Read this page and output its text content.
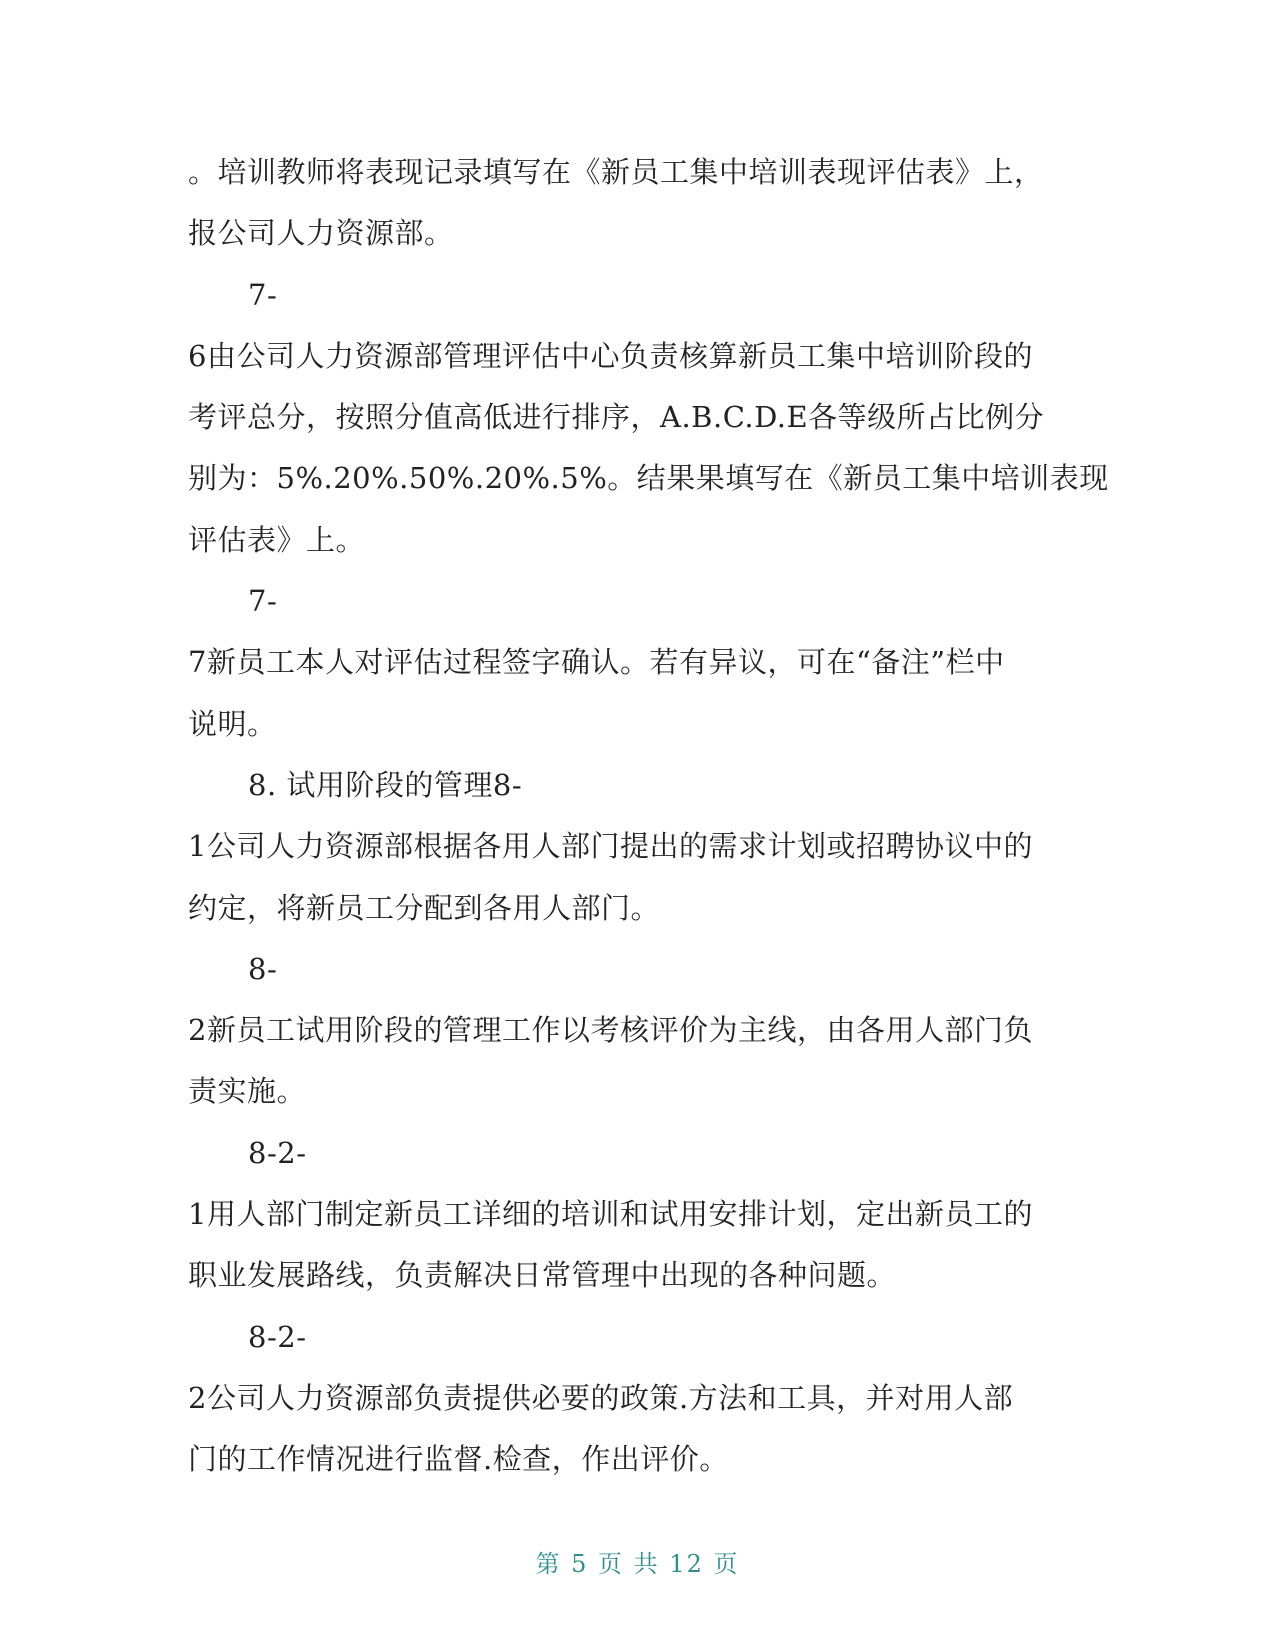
。培训教师将表现记录填写在《新员工集中培训表现评估表》上，
报公司人力资源部。
7-
6由公司人力资源部管理评估中心负责核算新员工集中培训阶段的
考评总分，按照分值高低进行排序，A.B.C.D.E各等级所占比例分
别为：5%.20%.50%.20%.5%。结果果填写在《新员工集中培训表现
评估表》上。
7-
7新员工本人对评估过程签字确认。若有异议，可在“备注”栏中
说明。
8. 试用阶段的管理8-
1公司人力资源部根据各用人部门提出的需求计划或招聘协议中的
约定，将新员工分配到各用人部门。
8-
2新员工试用阶段的管理工作以考核评价为主线，由各用人部门负
责实施。
8-2-
1用人部门制定新员工详细的培训和试用安排计划，定出新员工的
职业发展路线，负责解决日常管理中出现的各种问题。
8-2-
2公司人力资源部负责提供必要的政策.方法和工具，并对用人部
门的工作情况进行监督.检查，作出评价。
第 5 页 共 12 页
